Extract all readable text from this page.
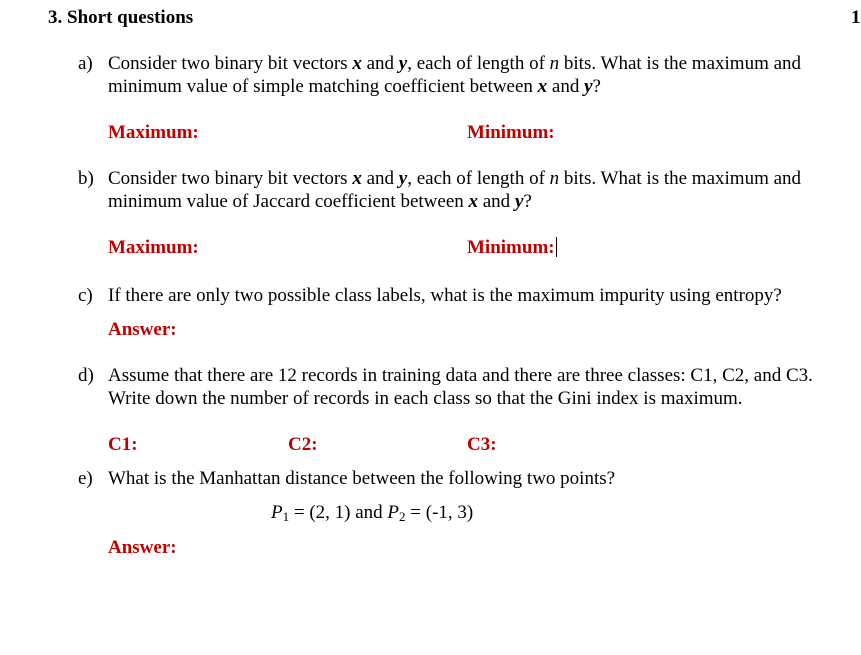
3. Short questions	1
a) Consider two binary bit vectors x and y, each of length of n bits. What is the maximum and
minimum value of simple matching coefficient between x and y?
Maximum:	Minimum:
b) Consider two binary bit vectors x and y, each of length of n bits. What is the maximum and
minimum value of Jaccard coefficient between x and y?
Maximum:	Minimum:
c) If there are only two possible class labels, what is the maximum impurity using entropy?
Answer:
d) Assume that there are 12 records in training data and there are three classes: C1, C2, and C3.
Write down the number of records in each class so that the Gini index is maximum.
C1:	C2:	C3:
e) What is the Manhattan distance between the following two points?
$P_1 = (2$, 1) and $P_2 = (-1$, 3)
Answer:
